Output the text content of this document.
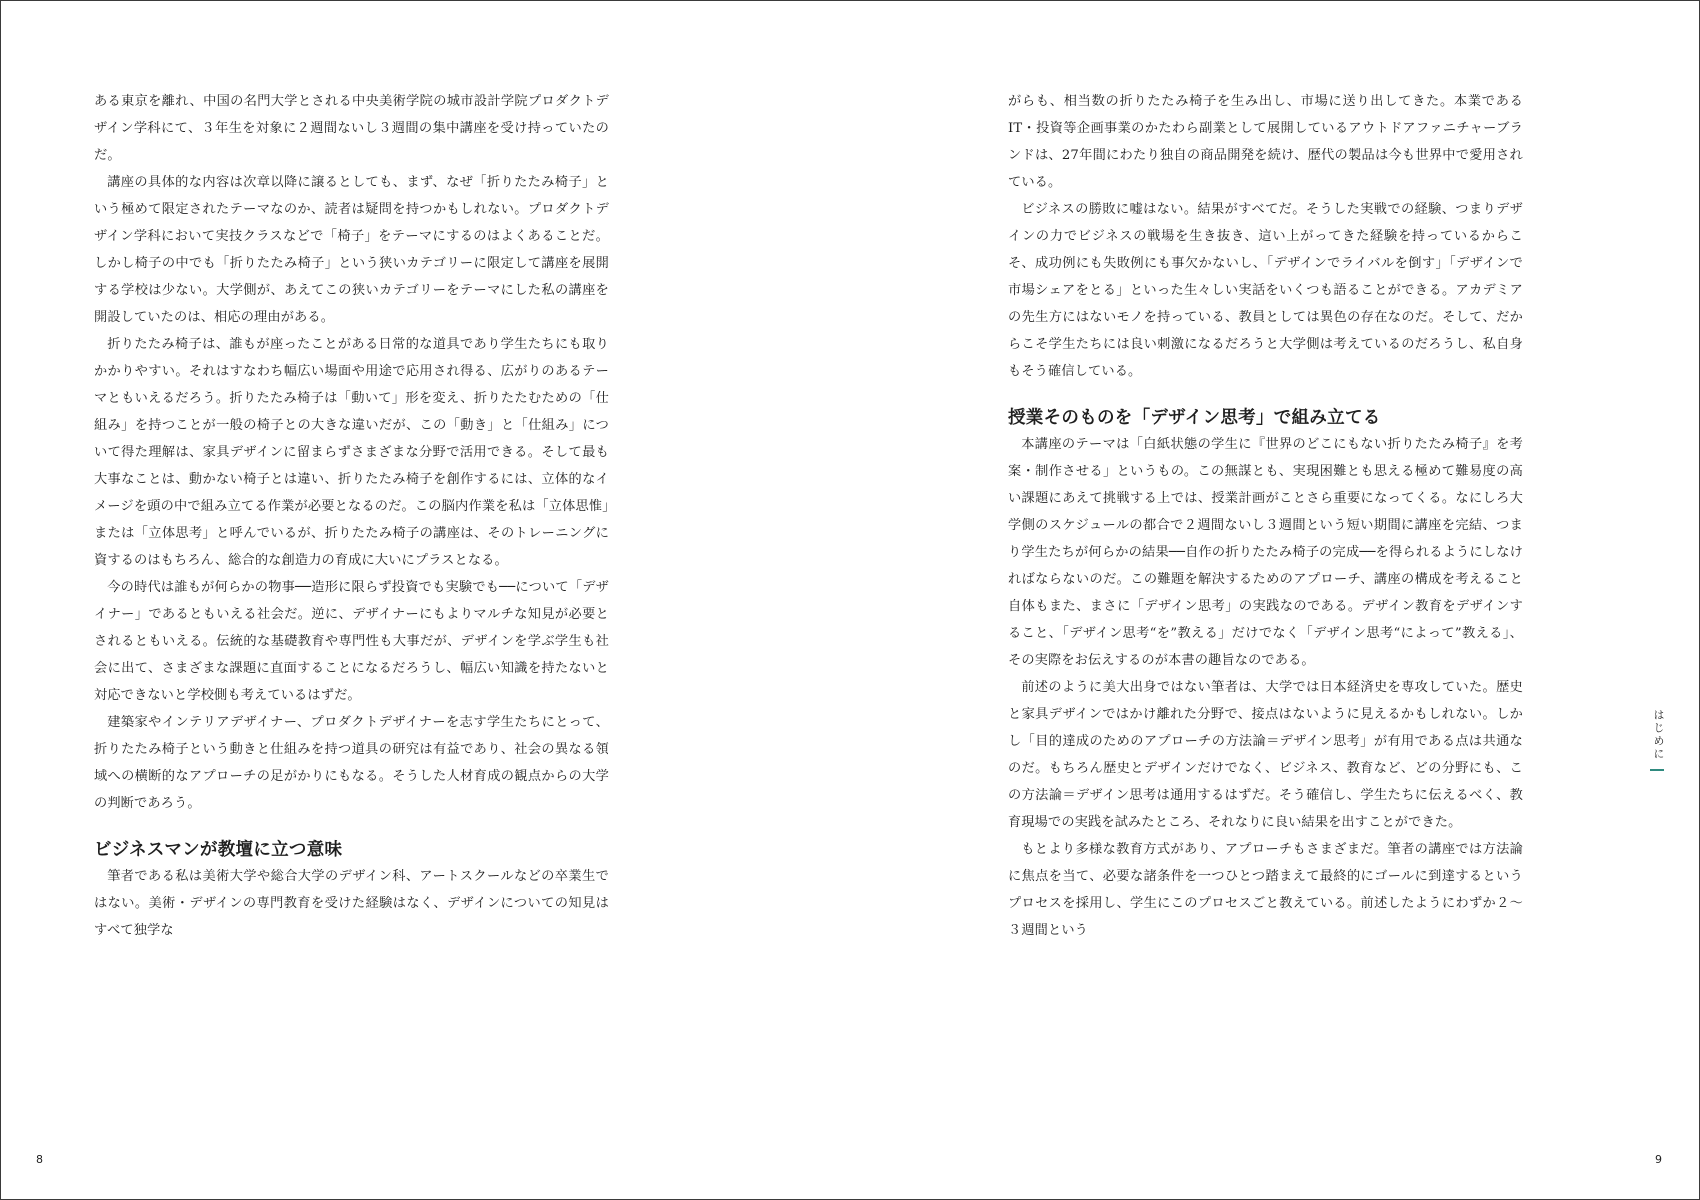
ある東京を離れ、中国の名門大学とされる中央美術学院の城市設計学院プロダクトデザイン学科にて、３年生を対象に２週間ないし３週間の集中講座を受け持っていたのだ。

講座の具体的な内容は次章以降に譲るとしても、まず、なぜ「折りたたみ椅子」という極めて限定されたテーマなのか、読者は疑問を持つかもしれない。プロダクトデザイン学科において実技クラスなどで「椅子」をテーマにするのはよくあることだ。しかし椅子の中でも「折りたたみ椅子」という狭いカテゴリーに限定して講座を展開する学校は少ない。大学側が、あえてこの狭いカテゴリーをテーマにした私の講座を開設していたのは、相応の理由がある。

折りたたみ椅子は、誰もが座ったことがある日常的な道具であり学生たちにも取りかかりやすい。それはすなわち幅広い場面や用途で応用され得る、広がりのあるテーマともいえるだろう。折りたたみ椅子は「動いて」形を変え、折りたたむための「仕組み」を持つことが一般の椅子との大きな違いだが、この「動き」と「仕組み」について得た理解は、家具デザインに留まらずさまざまな分野で活用できる。そして最も大事なことは、動かない椅子とは違い、折りたたみ椅子を創作するには、立体的なイメージを頭の中で組み立てる作業が必要となるのだ。この脳内作業を私は「立体思惟」または「立体思考」と呼んでいるが、折りたたみ椅子の講座は、そのトレーニングに資するのはもちろん、総合的な創造力の育成に大いにプラスとなる。

今の時代は誰もが何らかの物事──造形に限らず投資でも実験でも──について「デザイナー」であるともいえる社会だ。逆に、デザイナーにもよりマルチな知見が必要とされるともいえる。伝統的な基礎教育や専門性も大事だが、デザインを学ぶ学生も社会に出て、さまざまな課題に直面することになるだろうし、幅広い知識を持たないと対応できないと学校側も考えているはずだ。

建築家やインテリアデザイナー、プロダクトデザイナーを志す学生たちにとって、折りたたみ椅子という動きと仕組みを持つ道具の研究は有益であり、社会の異なる領域への横断的なアプローチの足がかりにもなる。そうした人材育成の観点からの大学の判断であろう。

ビジネスマンが教壇に立つ意味

筆者である私は美術大学や総合大学のデザイン科、アートスクールなどの卒業生ではない。美術・デザインの専門教育を受けた経験はなく、デザインについての知見はすべて独学な

がらも、相当数の折りたたみ椅子を生み出し、市場に送り出してきた。本業であるIT・投資等企画事業のかたわら副業として展開しているアウトドアファニチャーブランドは、27年間にわたり独自の商品開発を続け、歴代の製品は今も世界中で愛用されている。

ビジネスの勝敗に嘘はない。結果がすべてだ。そうした実戦での経験、つまりデザインの力でビジネスの戦場を生き抜き、這い上がってきた経験を持っているからこそ、成功例にも失敗例にも事欠かないし、「デザインでライバルを倒す」「デザインで市場シェアをとる」といった生々しい実話をいくつも語ることができる。アカデミアの先生方にはないモノを持っている、教員としては異色の存在なのだ。そして、だからこそ学生たちには良い刺激になるだろうと大学側は考えているのだろうし、私自身もそう確信している。

授業そのものを「デザイン思考」で組み立てる

本講座のテーマは「白紙状態の学生に『世界のどこにもない折りたたみ椅子』を考案・制作させる」というもの。この無謀とも、実現困難とも思える極めて難易度の高い課題にあえて挑戦する上では、授業計画がことさら重要になってくる。なにしろ大学側のスケジュールの都合で２週間ないし３週間という短い期間に講座を完結、つまり学生たちが何らかの結果──自作の折りたたみ椅子の完成──を得られるようにしなければならないのだ。この難題を解決するためのアプローチ、講座の構成を考えること自体もまた、まさに「デザイン思考」の実践なのである。デザイン教育をデザインすること、「デザイン思考“を”教える」だけでなく「デザイン思考“によって”教える」、その実際をお伝えするのが本書の趣旨なのである。

前述のように美大出身ではない筆者は、大学では日本経済史を専攻していた。歴史と家具デザインではかけ離れた分野で、接点はないように見えるかもしれない。しかし「目的達成のためのアプローチの方法論＝デザイン思考」が有用である点は共通なのだ。もちろん歴史とデザインだけでなく、ビジネス、教育など、どの分野にも、この方法論＝デザイン思考は通用するはずだ。そう確信し、学生たちに伝えるべく、教育現場での実践を試みたところ、それなりに良い結果を出すことができた。

もとより多様な教育方式があり、アプローチもさまざまだ。筆者の講座では方法論に焦点を当て、必要な諸条件を一つひとつ踏まえて最終的にゴールに到達するというプロセスを採用し、学生にこのプロセスごと教えている。前述したようにわずか２～３週間という

8	9
はじめに
